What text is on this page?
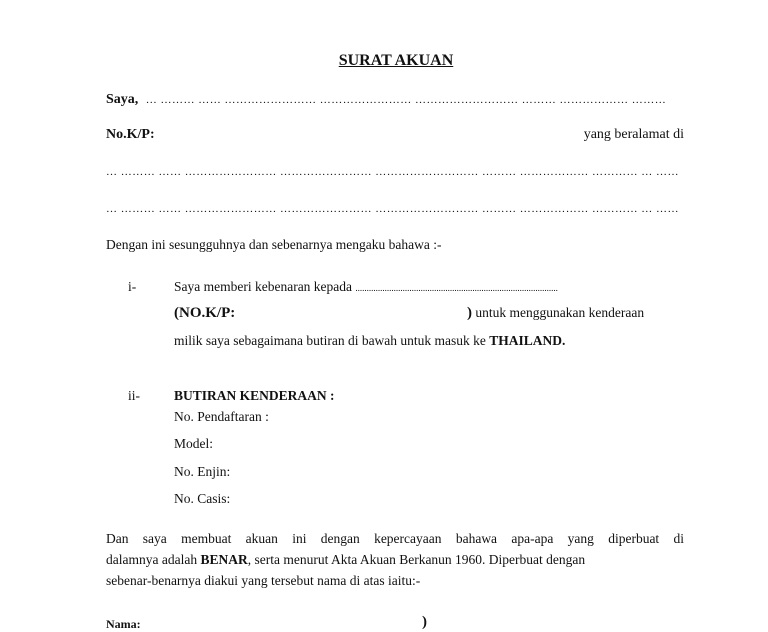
SURAT AKUAN
Saya, … ……… …… …………………… …………………… ……………………… ……… ……………… ………
No.K/P:	yang beralamat di
… ……… …… …………………… …………………… ……………………… ……… ……………… ………… … ……
… ……… …… …………………… …………………… ……………………… ……… ……………… ………… … ……
Dengan ini sesungguhnya dan sebenarnya mengaku bahawa :-
i-	Saya memberi kebenaran kepada ..........................................................................................
(NO.K/P:	) untuk menggunakan kenderaan
milik saya sebagaimana butiran di bawah untuk masuk ke THAILAND.
ii-	BUTIRAN KENDERAAN :
No. Pendaftaran :
Model:
No. Enjin:
No. Casis:
Dan saya membuat akuan ini dengan kepercayaan bahawa apa-apa yang diperbuat di
dalamnya adalah BENAR, serta menurut Akta Akuan Berkanun 1960. Diperbuat dengan
sebenar-benarnya diakui yang tersebut nama di atas iaitu:-
Nama:	)
